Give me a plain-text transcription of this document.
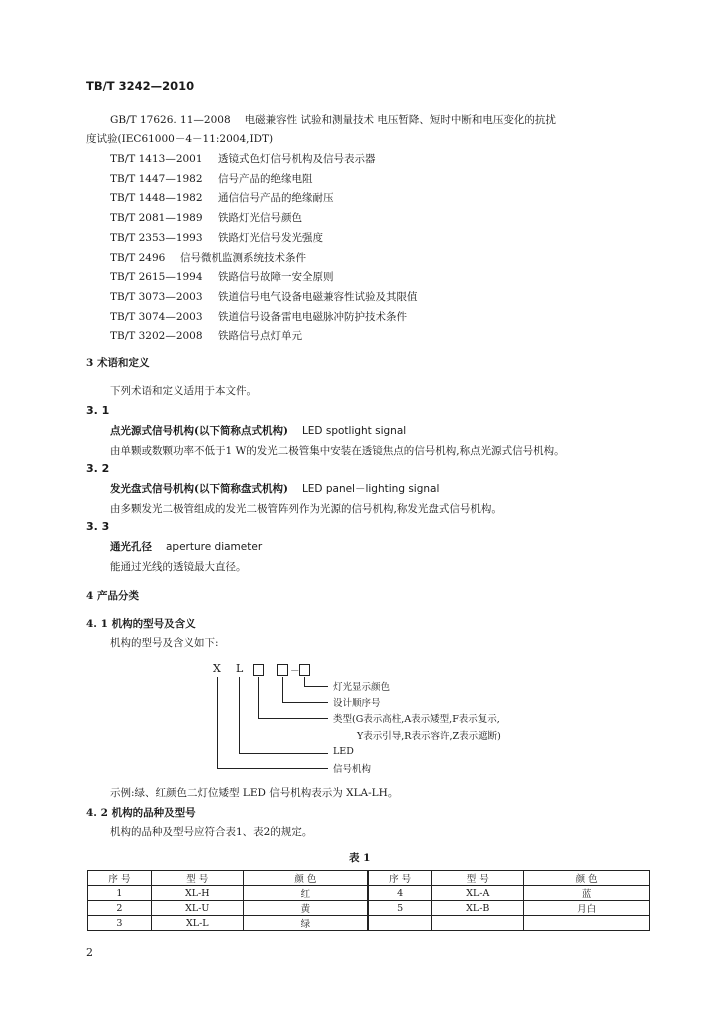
TB/T 3242—2010
GB/T 17626. 11—2008 电磁兼容性 试验和测量技术 电压暂降、短时中断和电压变化的抗扰
度试验(IEC61000－4－11:2004,IDT)
TB/T 1413—2001 透镜式色灯信号机构及信号表示器
TB/T 1447—1982 信号产品的绝缘电阻
TB/T 1448—1982 通信信号产品的绝缘耐压
TB/T 2081—1989 铁路灯光信号颜色
TB/T 2353—1993 铁路灯光信号发光强度
TB/T 2496 信号微机监测系统技术条件
TB/T 2615—1994 铁路信号故障一安全原则
TB/T 3073—2003 铁道信号电气设备电磁兼容性试验及其限值
TB/T 3074—2003 铁道信号设备雷电电磁脉冲防护技术条件
TB/T 3202—2008 铁路信号点灯单元
3 术语和定义
下列术语和定义适用于本文件。
3. 1
点光源式信号机构(以下简称点式机构) LED spotlight signal
由单颗或数颗功率不低于1 W的发光二极管集中安装在透镜焦点的信号机构,称点光源式信号机构。
3. 2
发光盘式信号机构(以下简称盘式机构) LED panel－lighting signal
由多颗发光二极管组成的发光二极管阵列作为光源的信号机构,称发光盘式信号机构。
3. 3
通光孔径 aperture diameter
能通过光线的透镜最大直径。
4 产品分类
4. 1 机构的型号及含义
机构的型号及含义如下:
X L	－
灯光显示颜色
设计顺序号
类型(G表示高柱,A表示矮型,F表示复示,
Y表示引导,R表示容许,Z表示遮断)
LED
信号机构
示例:绿、红颜色二灯位矮型 LED 信号机构表示为 XLA-LH。
4. 2 机构的品种及型号
机构的品种及型号应符合表1、表2的规定。
表 1
序 号	型 号	颜 色	序 号	型 号	颜 色
1	XL-H	红	4	XL-A	蓝
2	XL-U	黄	5	XL-B	月白
3	XL-L	绿			
2
